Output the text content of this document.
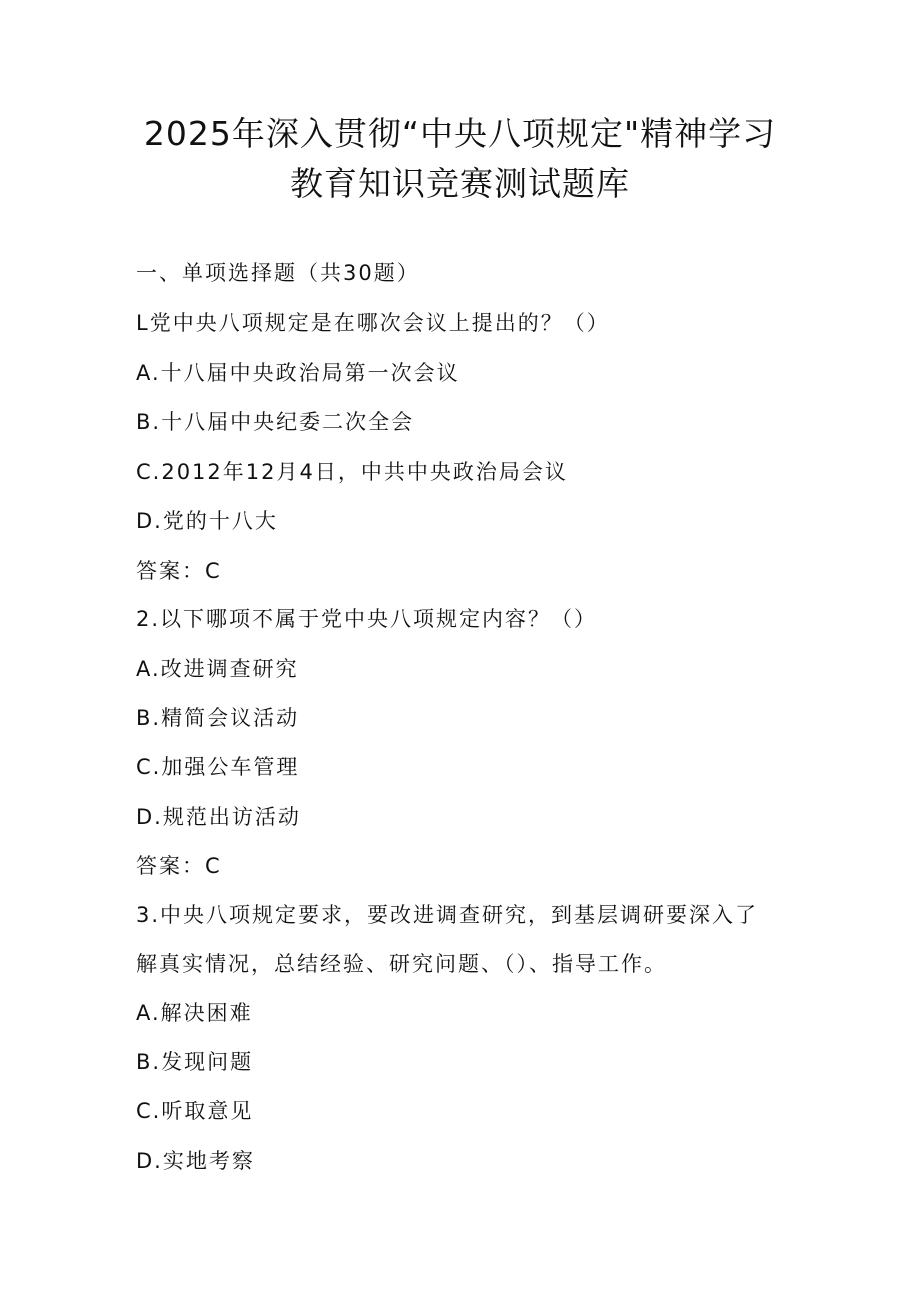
2025年深入贯彻“中央八项规定"精神学习
教育知识竞赛测试题库

一、单项选择题（共30题）

L党中央八项规定是在哪次会议上提出的？（）

A.十八届中央政治局第一次会议

B.十八届中央纪委二次全会

C.2012年12月4日，中共中央政治局会议

D.党的十八大

答案：C

2.以下哪项不属于党中央八项规定内容？（）

A.改进调查研究

B.精简会议活动

C.加强公车管理

D.规范出访活动

答案：C

3.中央八项规定要求，要改进调查研究，到基层调研要深入了

解真实情况，总结经验、研究问题、（）、指导工作。

A.解决困难

B.发现问题

C.听取意见

D.实地考察
